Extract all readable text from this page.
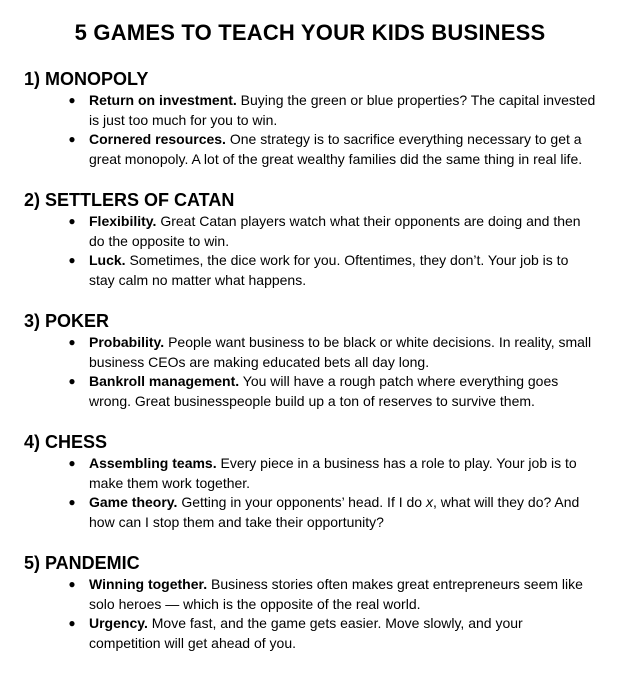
5 GAMES TO TEACH YOUR KIDS BUSINESS
1) MONOPOLY
● Return on investment. Buying the green or blue properties? The capital invested is just too much for you to win.
● Cornered resources. One strategy is to sacrifice everything necessary to get a great monopoly. A lot of the great wealthy families did the same thing in real life.
2) SETTLERS OF CATAN
● Flexibility. Great Catan players watch what their opponents are doing and then do the opposite to win.
● Luck. Sometimes, the dice work for you. Oftentimes, they don’t. Your job is to stay calm no matter what happens.
3) POKER
● Probability. People want business to be black or white decisions. In reality, small business CEOs are making educated bets all day long.
● Bankroll management. You will have a rough patch where everything goes wrong. Great businesspeople build up a ton of reserves to survive them.
4) CHESS
● Assembling teams. Every piece in a business has a role to play. Your job is to make them work together.
● Game theory. Getting in your opponents’ head. If I do x, what will they do? And how can I stop them and take their opportunity?
5) PANDEMIC
● Winning together. Business stories often makes great entrepreneurs seem like solo heroes — which is the opposite of the real world.
● Urgency. Move fast, and the game gets easier. Move slowly, and your competition will get ahead of you.
